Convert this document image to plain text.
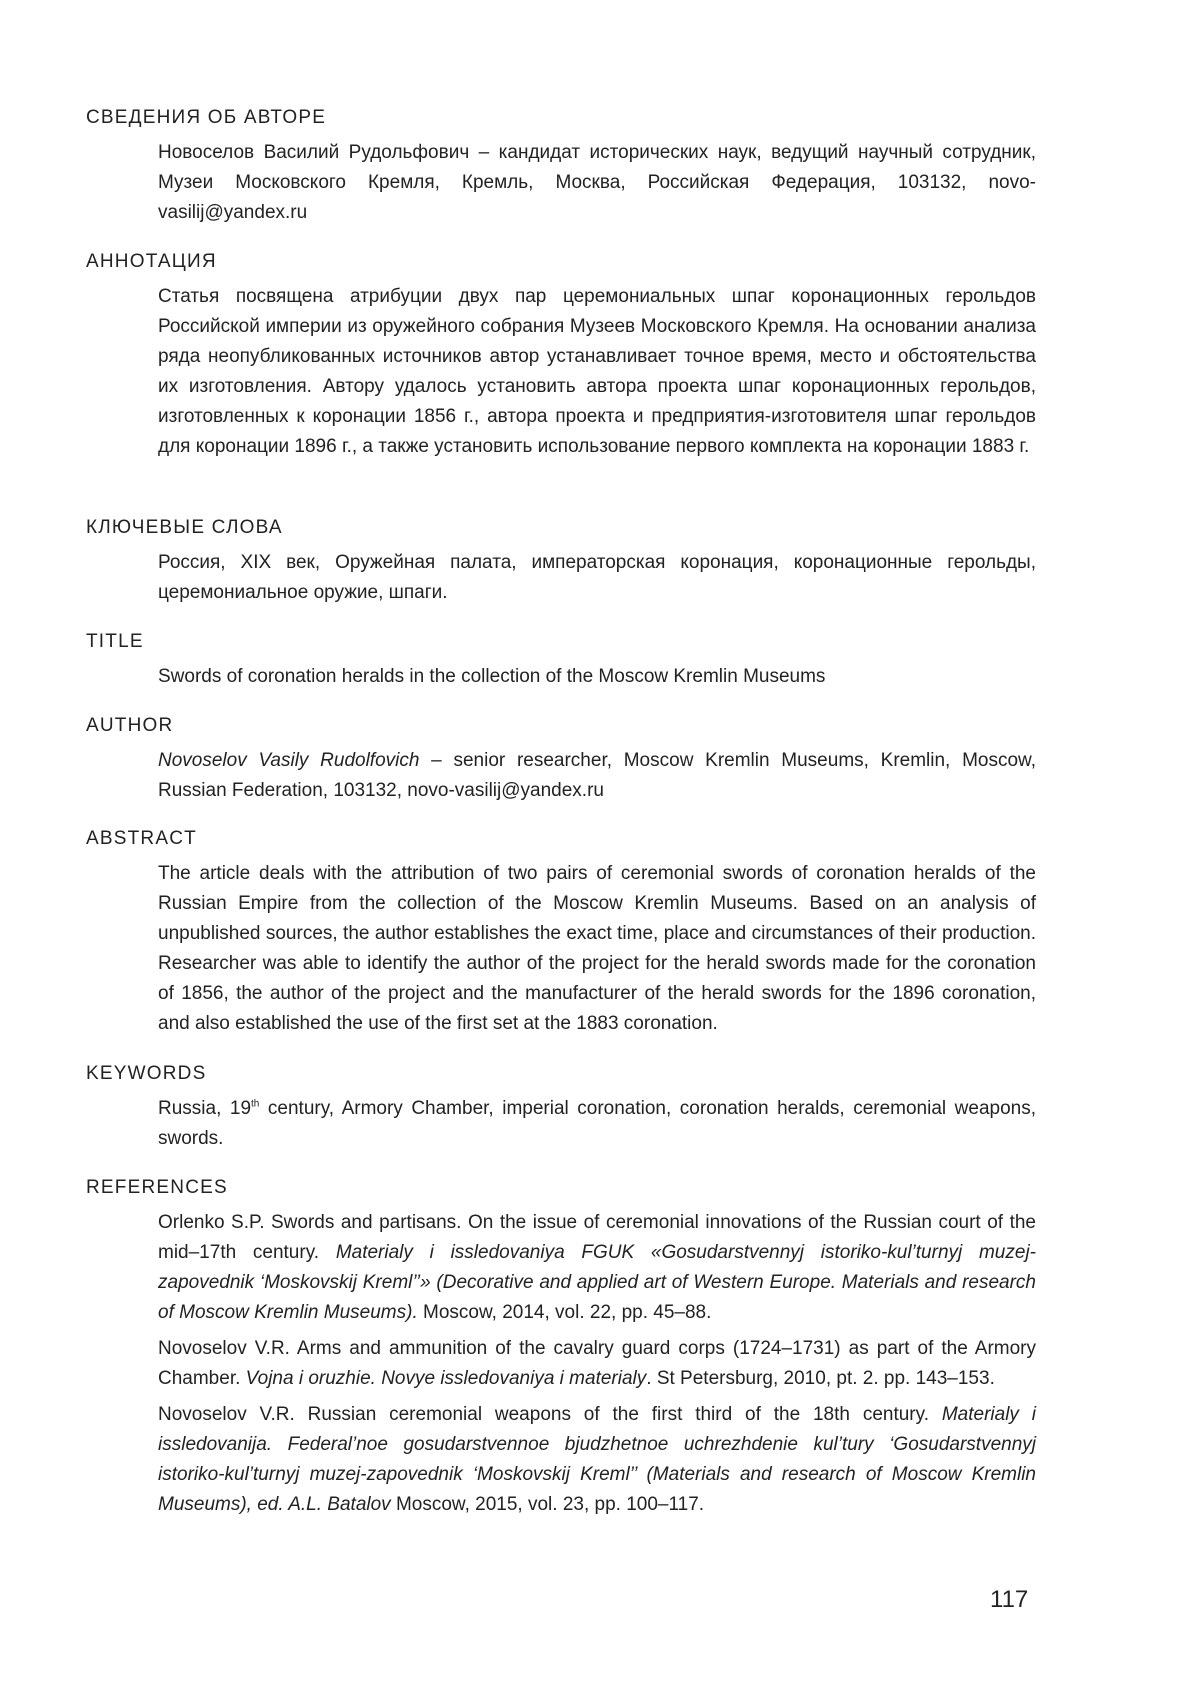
СВЕДЕНИЯ ОБ АВТОРЕ

Новоселов Василий Рудольфович – кандидат исторических наук, ведущий научный сотрудник, Музеи Московского Кремля, Кремль, Москва, Российская Федерация, 103132, novo-vasilij@yandex.ru

АННОТАЦИЯ

Статья посвящена атрибуции двух пар церемониальных шпаг коронационных герольдов Российской империи из оружейного собрания Музеев Московского Кремля. На основании анализа ряда неопубликованных источников автор устанавливает точное время, место и обстоятельства их изготовления. Автору удалось установить автора проекта шпаг коронационных герольдов, изготовленных к коронации 1856 г., автора проекта и предприятия-изготовителя шпаг герольдов для коронации 1896 г., а также установить использование первого комплекта на коронации 1883 г.

КЛЮЧЕВЫЕ СЛОВА

Россия, XIX век, Оружейная палата, императорская коронация, коронационные герольды, церемониальное оружие, шпаги.

TITLE

Swords of coronation heralds in the collection of the Moscow Kremlin Museums

AUTHOR

Novoselov Vasily Rudolfovich – senior researcher, Moscow Kremlin Museums, Kremlin, Moscow, Russian Federation, 103132, novo-vasilij@yandex.ru

ABSTRACT

The article deals with the attribution of two pairs of ceremonial swords of coronation heralds of the Russian Empire from the collection of the Moscow Kremlin Museums. Based on an analysis of unpublished sources, the author establishes the exact time, place and circumstances of their production. Researcher was able to identify the author of the project for the herald swords made for the coronation of 1856, the author of the project and the manufacturer of the herald swords for the 1896 coronation, and also established the use of the first set at the 1883 coronation.

KEYWORDS

Russia, 19th century, Armory Chamber, imperial coronation, coronation heralds, ceremonial weapons, swords.

REFERENCES

Orlenko S.P. Swords and partisans. On the issue of ceremonial innovations of the Russian court of the mid–17th century. Materialy i issledovaniya FGUK «Gosudarstvennyj istoriko-kul’turnyj muzej-zapovednik ‘Moskovskij Kreml’’» (Decorative and applied art of Western Europe. Materials and research of Moscow Kremlin Museums). Moscow, 2014, vol. 22, pp. 45–88.

Novoselov V.R. Arms and ammunition of the cavalry guard corps (1724–1731) as part of the Armory Chamber. Vojna i oruzhie. Novye issledovaniya i materialy. St Petersburg, 2010, pt. 2. pp. 143–153.

Novoselov V.R. Russian ceremonial weapons of the first third of the 18th century. Materialy i issledovanija. Federal’noe gosudarstvennoe bjudzhetnoe uchrezhdenie kul’tury ‘Gosudarstvennyj istoriko-kul’turnyj muzej-zapovednik ‘Moskovskij Kreml’’ (Materials and research of Moscow Kremlin Museums), ed. A.L. Batalov Moscow, 2015, vol. 23, pp. 100–117.

117
